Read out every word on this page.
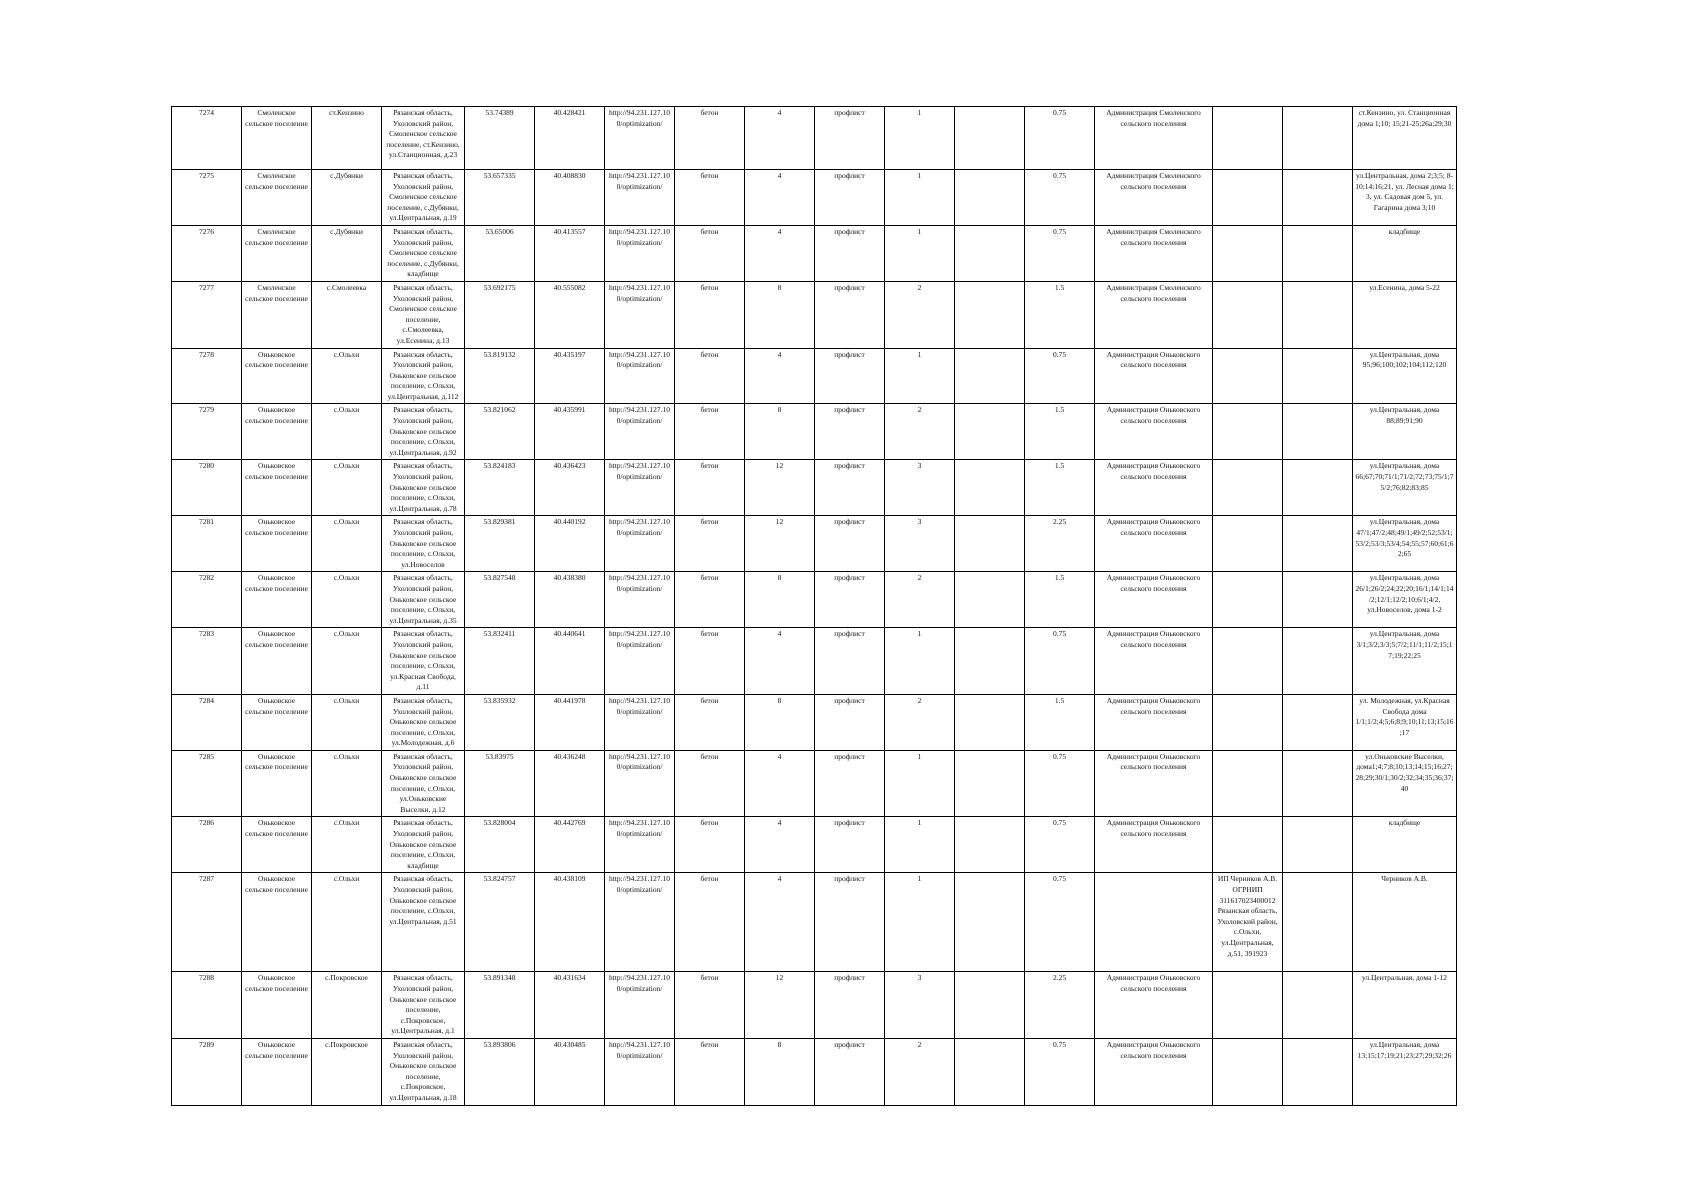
7274	Смоленское сельское поселение	ст.Кензино	Рязанская область, Ухоловский район, Смоленское сельское поселение, ст.Кензино, ул.Станционная, д.23	53.74389	40.428421	http://94.231.127.10 0/optimization/	бетон	4	профлист	1		0.75	Администрация Смоленского сельского поселения			ст.Кензино, ул. Станционная дома 1;10; 15;21-25;26a;29;30
7275	Смоленское сельское поселение	с.Дубянки	Рязанская область, Ухоловский район, Смоленское сельское поселение, с.Дубянки, ул.Центральная, д.19	53.657335	40.408830	http://94.231.127.10 0/optimization/	бетон	4	профлист	1		0.75	Администрация Смоленского сельского поселения			ул.Центральная, дома 2;3;5; 8-10;14;16;21, ул. Лесная дома 1; 3, ул. Садовая дом 5, ул. Гагарина дома 3;10
7276	Смоленское сельское поселение	с.Дубянки	Рязанская область, Ухоловский район, Смоленское сельское поселение, с.Дубянки, кладбище	53.65006	40.413557	http://94.231.127.10 0/optimization/	бетон	4	профлист	1		0.75	Администрация Смоленского сельского поселения			кладбище
7277	Смоленское сельское поселение	с.Смолеевка	Рязанская область, Ухоловский район, Смоленское сельское поселение, с.Смолеевка, ул.Есенина, д.13	53.692175	40.555082	http://94.231.127.10 0/optimization/	бетон	8	профлист	2		1.5	Администрация Смоленского сельского поселения			ул.Есенина, дома 5-22
7278	Оньковское сельское поселение	с.Ольхи	Рязанская область, Ухоловский район, Оньковское сельское поселение, с.Ольхи, ул.Центральная, д.112	53.819132	40.435197	http://94.231.127.10 0/optimization/	бетон	4	профлист	1		0.75	Администрация Оньковского сельского поселения			ул.Центральная, дома 95;96;100;102;104;112;120
7279	Оньковское сельское поселение	с.Ольхи	Рязанская область, Ухоловский район, Оньковское сельское поселение, с.Ольхи, ул.Центральная, д.92	53.821062	40.435991	http://94.231.127.10 0/optimization/	бетон	8	профлист	2		1.5	Администрация Оньковского сельского поселения			ул.Центральная, дома 88;89;91;90
7280	Оньковское сельское поселение	с.Ольхи	Рязанская область, Ухоловский район, Оньковское сельское поселение, с.Ольхи, ул.Центральная, д.78	53.824183	40.436423	http://94.231.127.10 0/optimization/	бетон	12	профлист	3		1.5	Администрация Оньковского сельского поселения			ул.Центральная, дома 66;67;70;71/1;71/2;72;73;75/1;75/2;76;82;83;85
7281	Оньковское сельское поселение	с.Ольхи	Рязанская область, Ухоловский район, Оньковское сельское поселение, с.Ольхи, ул.Новоселов	53.829381	40.440192	http://94.231.127.10 0/optimization/	бетон	12	профлист	3		2.25	Администрация Оньковского сельского поселения			ул.Центральная, дома 47/1;47/2;48;49/1;49/2;52;53/1;53/2;53/3;53/4;54;55;57;60;61;62;65
7282	Оньковское сельское поселение	с.Ольхи	Рязанская область, Ухоловский район, Оньковское сельское поселение, с.Ольхи, ул.Центральная, д.35	53.827548	40.438380	http://94.231.127.10 0/optimization/	бетон	8	профлист	2		1.5	Администрация Оньковского сельского поселения			ул.Центральная, дома 26/1;26/2;24;22;20;16/1;14/1;14/2;12/1;12/2;10;6/1;4/2, ул.Новоселов, дома 1-2
7283	Оньковское сельское поселение	с.Ольхи	Рязанская область, Ухоловский район, Оньковское сельское поселение, с.Ольхи, ул.Красная Свобода, д.11	53.832411	40.440641	http://94.231.127.10 0/optimization/	бетон	4	профлист	1		0.75	Администрация Оньковского сельского поселения			ул.Центральная, дома 3/1;3/2;3/3;5;7/2;11/1;11/2;15;17;19;22;25
7284	Оньковское сельское поселение	с.Ольхи	Рязанская область, Ухоловский район, Оньковское сельское поселение, с.Ольхи, ул.Молодежная, д.6	53.835932	40.441978	http://94.231.127.10 0/optimization/	бетон	8	профлист	2		1.5	Администрация Оньковского сельского поселения			ул. Молодежная, ул.Красная Свобода дома 1/1;1/2;4;5;6;8;9;10;11;13;15;16;17
7285	Оньковское сельское поселение	с.Ольхи	Рязанская область, Ухоловский район, Оньковское сельское поселение, с.Ольхи, ул.Оньковские Выселки, д.12	53.83975	40.436248	http://94.231.127.10 0/optimization/	бетон	4	профлист	1		0.75	Администрация Оньковского сельского поселения			ул.Оньковские Выселки, дома1;4;7;8;10;13;14;15;16;27;28;29;30/1;30/2;32;34;35;36;37;40
7286	Оньковское сельское поселение	с.Ольхи	Рязанская область, Ухоловский район, Оньковское сельское поселение, с.Ольхи, кладбище	53.828004	40.442769	http://94.231.127.10 0/optimization/	бетон	4	профлист	1		0.75	Администрация Оньковского сельского поселения			кладбище
7287	Оньковское сельское поселение	с.Ольхи	Рязанская область, Ухоловский район, Оньковское сельское поселение, с.Ольхи, ул.Центральная, д.51	53.824757	40.438109	http://94.231.127.10 0/optimization/	бетон	4	профлист	1		0.75		ИП Черников А.В. ОГРНИП 311617023400012 Рязанская область, Ухоловский район, с.Ольхи, ул.Центральная, д.51, 391923		Черников А.В.
7288	Оньковское сельское поселение	с.Покровское	Рязанская область, Ухоловский район, Оньковское сельское поселение, с.Покровское, ул.Центральная, д.1	53.891348	40.431634	http://94.231.127.10 0/optimization/	бетон	12	профлист	3		2.25	Администрация Оньковского сельского поселения			ул.Центральная, дома 1-12
7289	Оньковское сельское поселение	с.Покровское	Рязанская область, Ухоловский район, Оньковское сельское поселение, с.Покровское, ул.Центральная, д.18	53.893806	40.430485	http://94.231.127.10 0/optimization/	бетон	8	профлист	2		0.75	Администрация Оньковского сельского поселения			ул.Центральная, дома 13;15;17;19;21;23;27;29;32;26
